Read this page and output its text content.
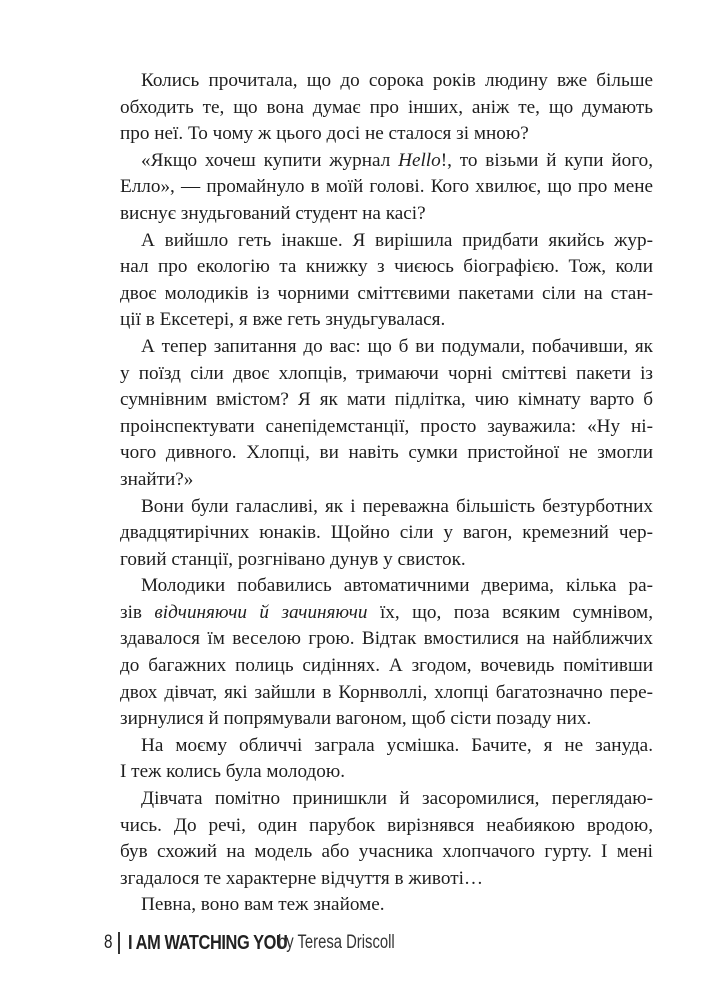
Колись прочитала, що до сорока років людину вже більше
обходить те, що вона думає про інших, аніж те, що думають
про неї. То чому ж цього досі не сталося зі мною?
«Якщо хочеш купити журнал Hello!, то візьми й купи його,
Елло», — промайнуло в моїй голові. Кого хвилює, що про мене
виснує знудьгований студент на касі?
А вийшло геть інакше. Я вирішила придбати якийсь жур-
нал про екологію та книжку з чиєюсь біографією. Тож, коли
двоє молодиків із чорними сміттєвими пакетами сіли на стан-
ції в Ексетері, я вже геть знудьгувалася.
А тепер запитання до вас: що б ви подумали, побачивши, як
у поїзд сіли двоє хлопців, тримаючи чорні сміттєві пакети із
сумнівним вмістом? Я як мати підлітка, чию кімнату варто б
проінспектувати санепідемстанції, просто зауважила: «Ну ні-
чого дивного. Хлопці, ви навіть сумки пристойної не змогли
знайти?»
Вони були галасливі, як і переважна більшість безтурботних
двадцятирічних юнаків. Щойно сіли у вагон, кремезний чер-
говий станції, розгнівано дунув у свисток.
Молодики побавились автоматичними дверима, кілька ра-
зів відчиняючи й зачиняючи їх, що, поза всяким сумнівом,
здавалося їм веселою грою. Відтак вмостилися на найближчих
до багажних полиць сидіннях. А згодом, вочевидь помітивши
двох дівчат, які зайшли в Корнволлі, хлопці багатозначно пере-
зирнулися й попрямували вагоном, щоб сісти позаду них.
На моєму обличчі заграла усмішка. Бачите, я не зануда.
І теж колись була молодою.
Дівчата помітно принишкли й засоромилися, переглядаю-
чись. До речі, один парубок вирізнявся неабиякою вродою,
був схожий на модель або учасника хлопчачого гурту. І мені
згадалося те характерне відчуття в животі…
Певна, воно вам теж знайоме.
8 I AM WATCHING YOU
by Teresa Driscoll
